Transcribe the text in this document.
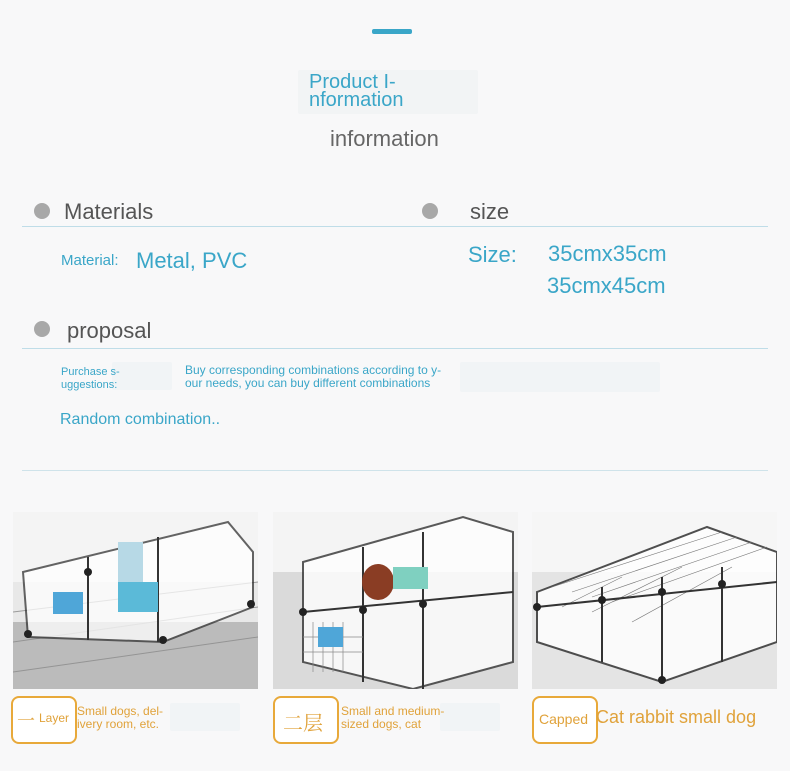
Product I-
nformation
information
Materials
Material: Metal, PVC
size
Size: 35cmx35cm
35cmx45cm
proposal
Purchase s-
uggestions:
Buy corresponding combinations according to y-
our needs, you can buy different combinations
Random combination..
一 Layer Small dogs, del-
ivery room, etc.	二层
Small and medium-
sized dogs, cat	Capped Cat rabbit small dog
